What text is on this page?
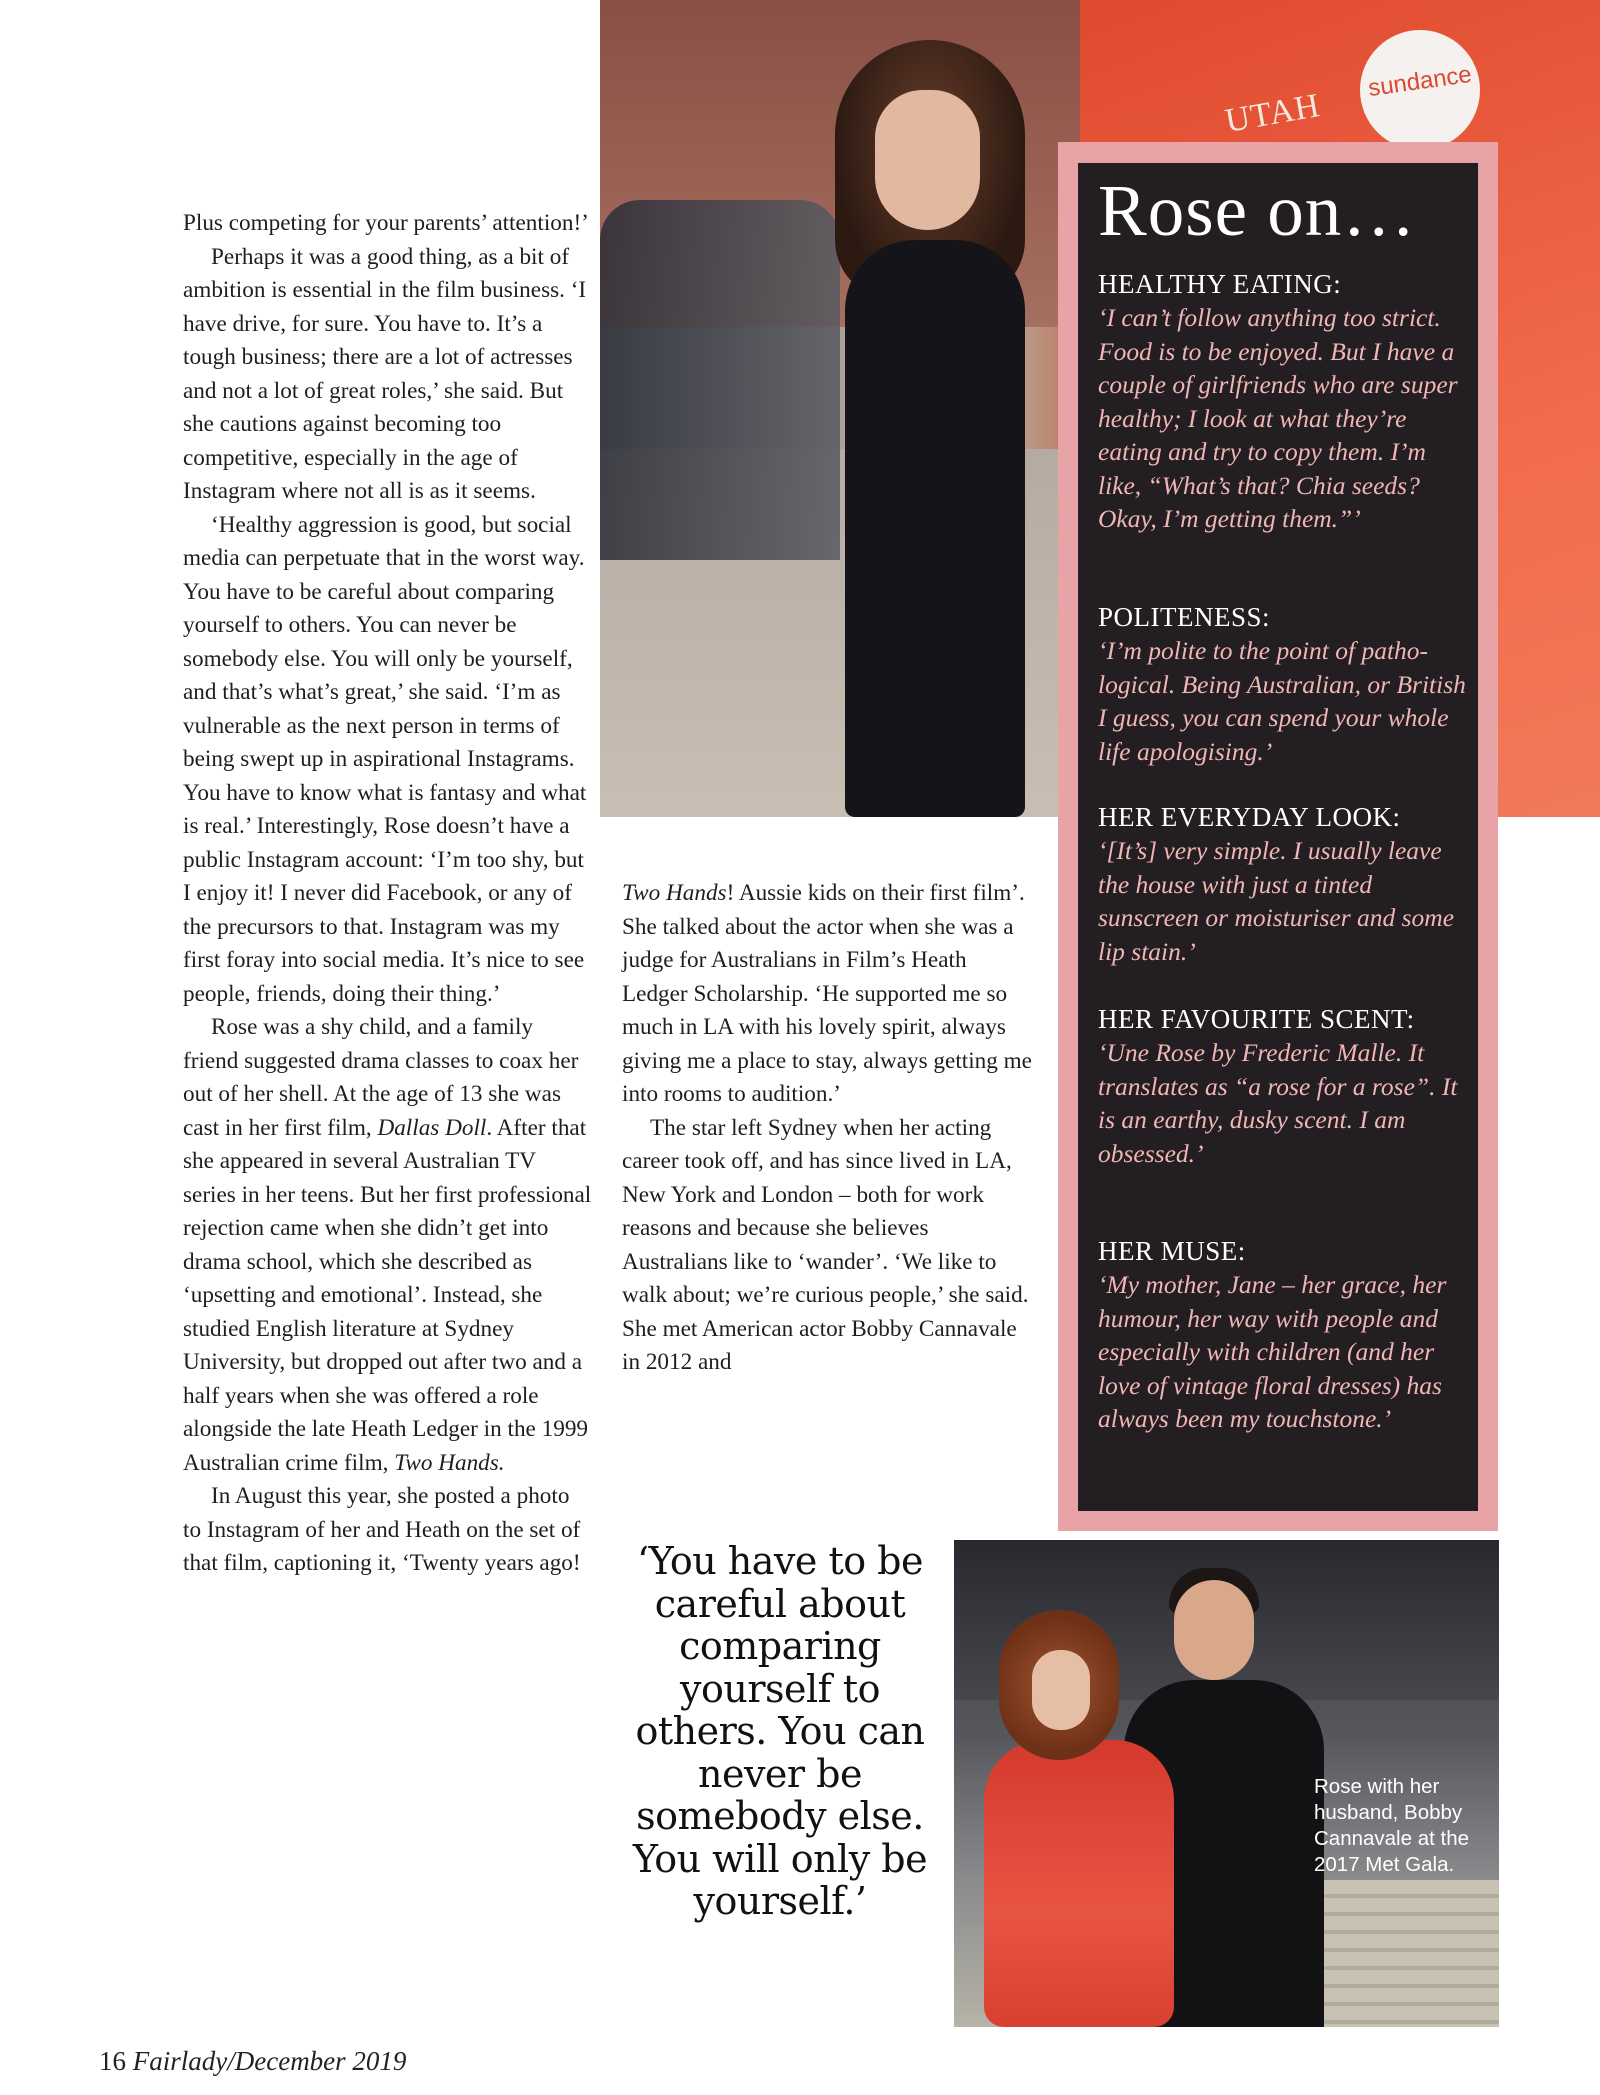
Plus competing for your parents’ attention!’

Perhaps it was a good thing, as a bit of ambition is essential in the film business. ‘I have drive, for sure. You have to. It’s a tough business; there are a lot of actresses and not a lot of great roles,’ she said. But she cautions against becoming too competitive, especially in the age of Instagram where not all is as it seems.

‘Healthy aggression is good, but social media can perpetuate that in the worst way. You have to be careful about comparing yourself to others. You can never be somebody else. You will only be yourself, and that’s what’s great,’ she said. ‘I’m as vulnerable as the next person in terms of being swept up in aspirational Instagrams. You have to know what is fantasy and what is real.’ Interestingly, Rose doesn’t have a public Instagram account: ‘I’m too shy, but I enjoy it! I never did Facebook, or any of the precursors to that. Instagram was my first foray into social media. It’s nice to see people, friends, doing their thing.’

Rose was a shy child, and a family friend suggested drama classes to coax her out of her shell. At the age of 13 she was cast in her first film, Dallas Doll. After that she appeared in several Australian TV series in her teens. But her first professional rejection came when she didn’t get into drama school, which she described as ‘upsetting and emotional’. Instead, she studied English literature at Sydney University, but dropped out after two and a half years when she was offered a role alongside the late Heath Ledger in the 1999 Australian crime film, Two Hands.

In August this year, she posted a photo to Instagram of her and Heath on the set of that film, captioning it, ‘Twenty years ago!

sundance
UTAH

Two Hands! Aussie kids on their first film’. She talked about the actor when she was a judge for Australians in Film’s Heath Ledger Scholarship. ‘He supported me so much in LA with his lovely spirit, always giving me a place to stay, always getting me into rooms to audition.’

The star left Sydney when her acting career took off, and has since lived in LA, New York and London – both for work reasons and because she believes Australians like to ‘wander’. ‘We like to walk about; we’re curious people,’ she said. She met American actor Bobby Cannavale in 2012 and

Rose on…
HEALTHY EATING:
‘I can’t follow anything too strict. Food is to be enjoyed. But I have a couple of girlfriends who are super healthy; I look at what they’re eating and try to copy them. I’m like, “What’s that? Chia seeds? Okay, I’m getting them.”’
POLITENESS:
‘I’m polite to the point of patho-logical. Being Australian, or British I guess, you can spend your whole life apologising.’
HER EVERYDAY LOOK:
‘[It’s] very simple. I usually leave the house with just a tinted sunscreen or moisturiser and some lip stain.’
HER FAVOURITE SCENT:
‘Une Rose by Frederic Malle. It translates as “a rose for a rose”. It is an earthy, dusky scent. I am obsessed.’
HER MUSE:
‘My mother, Jane – her grace, her humour, her way with people and especially with children (and her love of vintage floral dresses) has always been my touchstone.’
‘You have to be careful about comparing yourself to others. You can never be somebody else. You will only be yourself.’
Rose with her husband, Bobby Cannavale at the 2017 Met Gala.
16 Fairlady/December 2019
